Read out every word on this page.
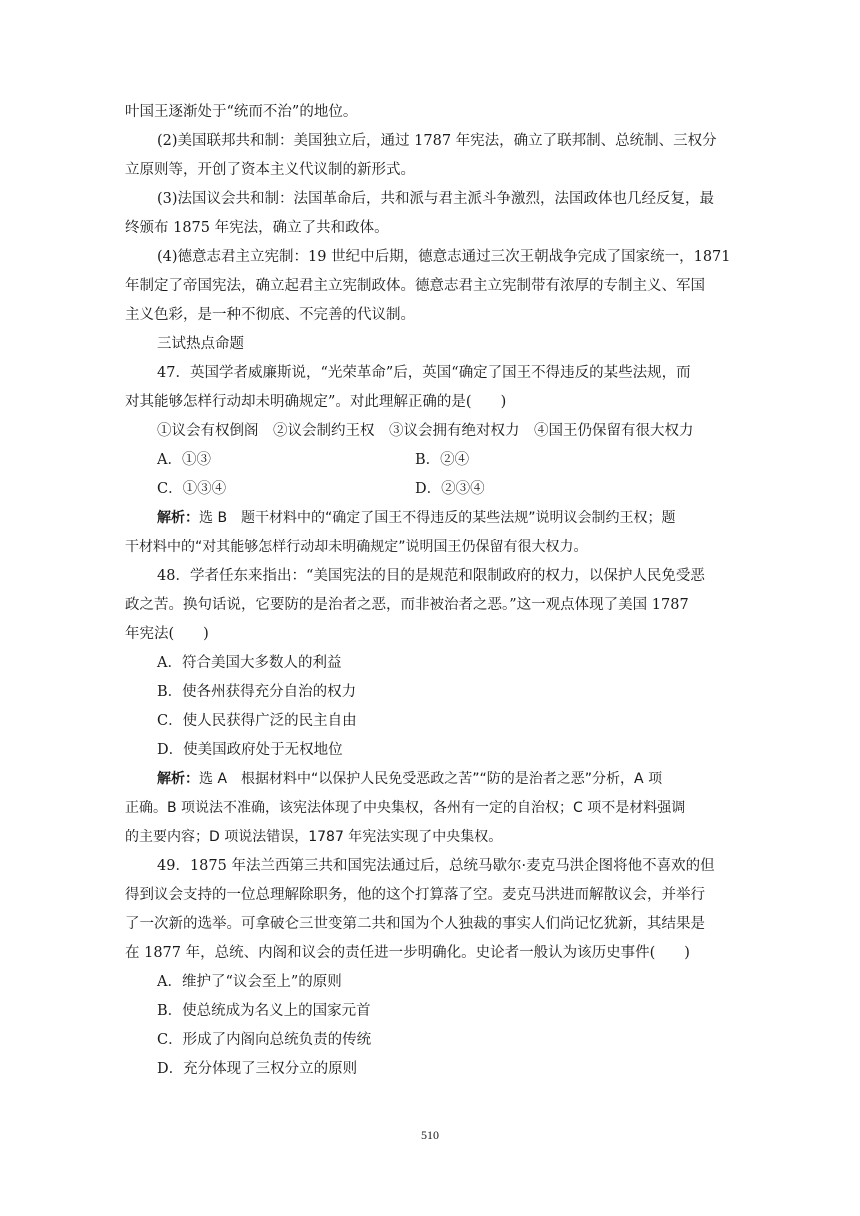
叶国王逐渐处于“统而不治”的地位。
(2)美国联邦共和制：美国独立后，通过 1787 年宪法，确立了联邦制、总统制、三权分
立原则等，开创了资本主义代议制的新形式。
(3)法国议会共和制：法国革命后，共和派与君主派斗争激烈，法国政体也几经反复，最
终颁布 1875 年宪法，确立了共和政体。
(4)德意志君主立宪制：19 世纪中后期，德意志通过三次王朝战争完成了国家统一，1871
年制定了帝国宪法，确立起君主立宪制政体。德意志君主立宪制带有浓厚的专制主义、军国
主义色彩，是一种不彻底、不完善的代议制。
三试热点命题
47．英国学者威廉斯说，“光荣革命”后，英国“确定了国王不得违反的某些法规，而
对其能够怎样行动却未明确规定”。对此理解正确的是(　　)
①议会有权倒阁　②议会制约王权　③议会拥有绝对权力　④国王仍保留有很大权力
A．①③	B．②④
C．①③④	D．②③④
解析：选 B　题干材料中的“确定了国王不得违反的某些法规”说明议会制约王权；题
干材料中的“对其能够怎样行动却未明确规定”说明国王仍保留有很大权力。
48．学者任东来指出：“美国宪法的目的是规范和限制政府的权力，以保护人民免受恶
政之苦。换句话说，它要防的是治者之恶，而非被治者之恶。”这一观点体现了美国 1787
年宪法(　　)
A．符合美国大多数人的利益
B．使各州获得充分自治的权力
C．使人民获得广泛的民主自由
D．使美国政府处于无权地位
解析：选 A　根据材料中“以保护人民免受恶政之苦”“防的是治者之恶”分析，A 项
正确。B 项说法不准确，该宪法体现了中央集权，各州有一定的自治权；C 项不是材料强调
的主要内容；D 项说法错误，1787 年宪法实现了中央集权。
49．1875 年法兰西第三共和国宪法通过后，总统马歇尔·麦克马洪企图将他不喜欢的但
得到议会支持的一位总理解除职务，他的这个打算落了空。麦克马洪进而解散议会，并举行
了一次新的选举。可拿破仑三世变第二共和国为个人独裁的事实人们尚记忆犹新，其结果是
在 1877 年，总统、内阁和议会的责任进一步明确化。史论者一般认为该历史事件(　　)
A．维护了“议会至上”的原则
B．使总统成为名义上的国家元首
C．形成了内阁向总统负责的传统
D．充分体现了三权分立的原则
510
